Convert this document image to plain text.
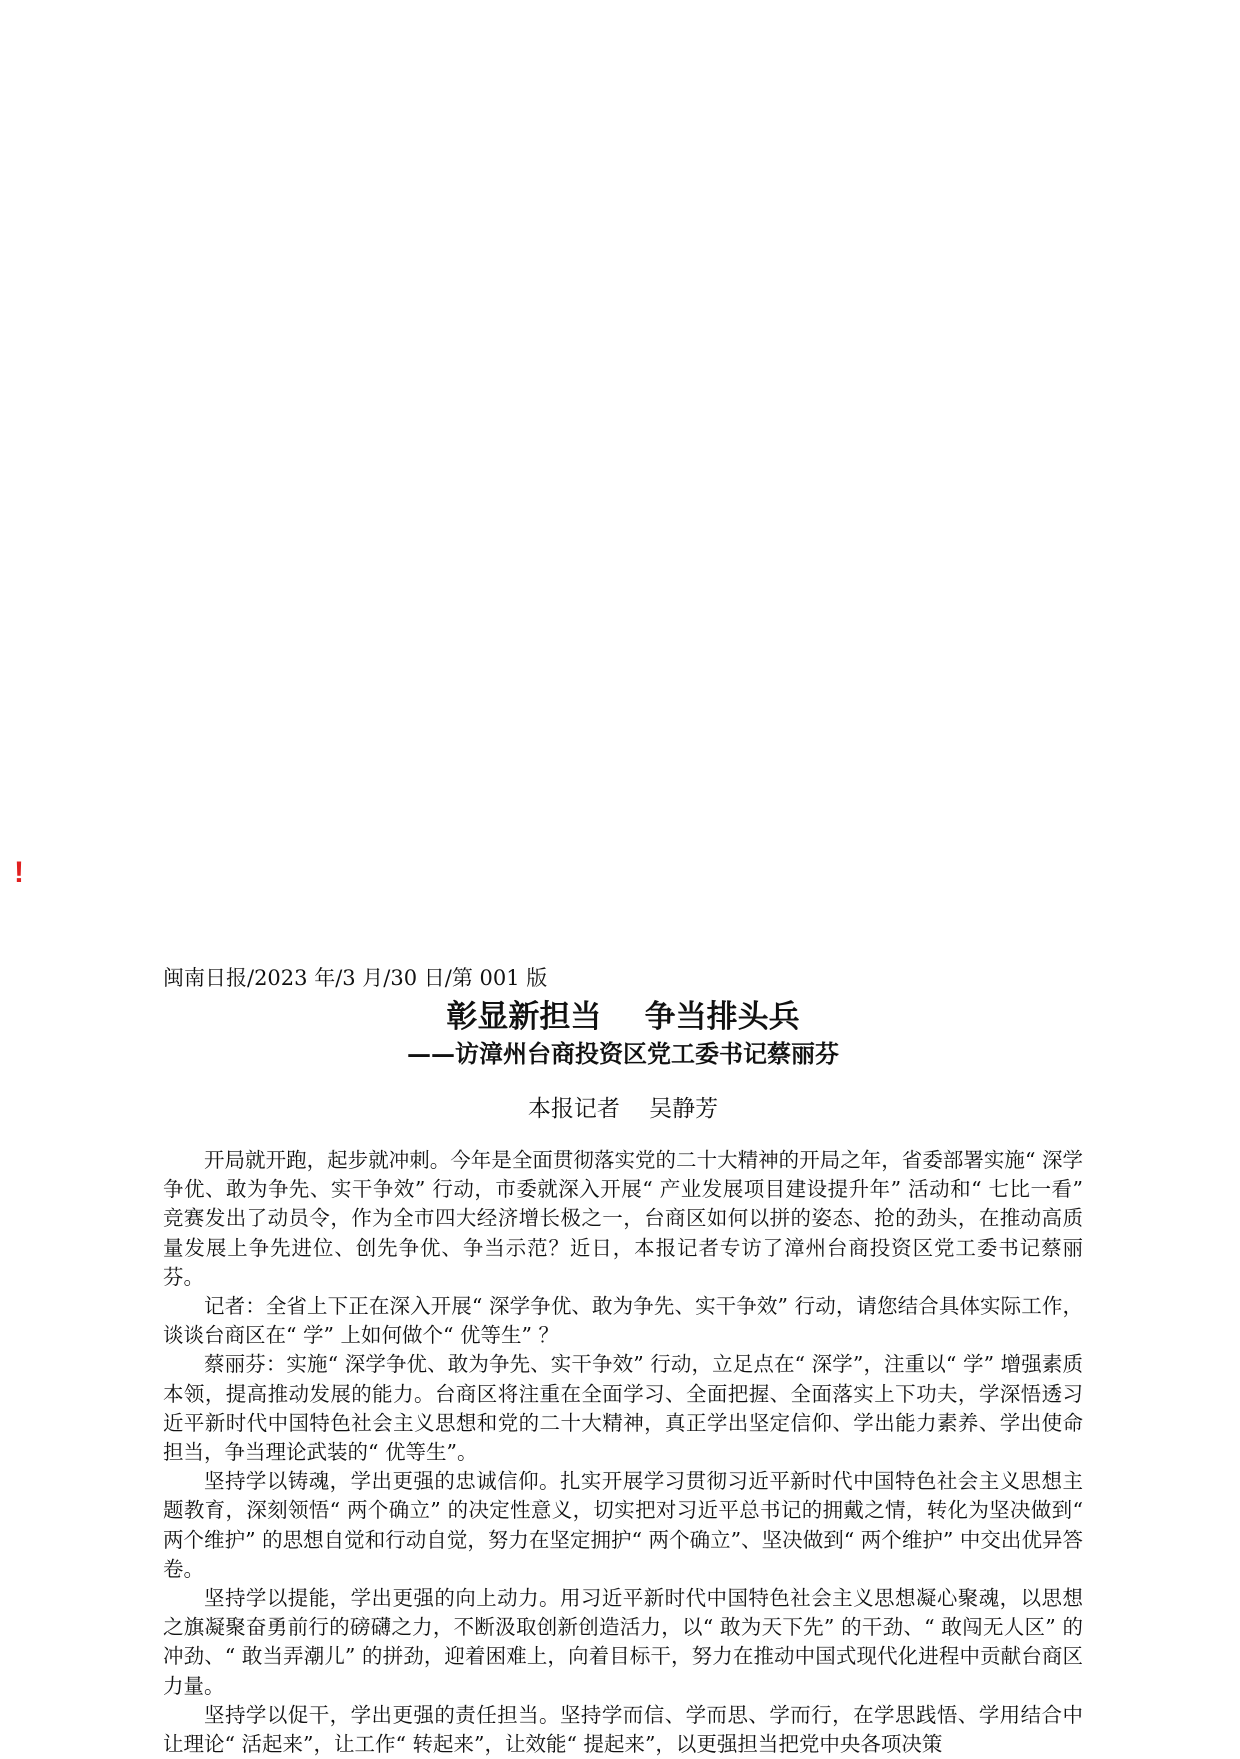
!

闽南日报/2023 年/3 月/30 日/第 001 版

彰显新担当    争当排头兵
——访漳州台商投资区党工委书记蔡丽芬

本报记者    吴静芳

开局就开跑，起步就冲刺。今年是全面贯彻落实党的二十大精神的开局之年，省委部署实施“ 深学争优、敢为争先、实干争效” 行动，市委就深入开展“ 产业发展项目建设提升年” 活动和“ 七比一看” 竞赛发出了动员令，作为全市四大经济增长极之一，台商区如何以拼的姿态、抢的劲头，在推动高质量发展上争先进位、创先争优、争当示范？近日，本报记者专访了漳州台商投资区党工委书记蔡丽芬。

记者：全省上下正在深入开展“ 深学争优、敢为争先、实干争效” 行动，请您结合具体实际工作，谈谈台商区在“ 学” 上如何做个“ 优等生” ？

蔡丽芬：实施“ 深学争优、敢为争先、实干争效” 行动，立足点在“ 深学”，注重以“ 学” 增强素质本领，提高推动发展的能力。台商区将注重在全面学习、全面把握、全面落实上下功夫，学深悟透习近平新时代中国特色社会主义思想和党的二十大精神，真正学出坚定信仰、学出能力素养、学出使命担当，争当理论武装的“ 优等生”。

坚持学以铸魂，学出更强的忠诚信仰。扎实开展学习贯彻习近平新时代中国特色社会主义思想主题教育，深刻领悟“ 两个确立” 的决定性意义，切实把对习近平总书记的拥戴之情，转化为坚决做到“ 两个维护” 的思想自觉和行动自觉，努力在坚定拥护“ 两个确立”、坚决做到“ 两个维护” 中交出优异答卷。

坚持学以提能，学出更强的向上动力。用习近平新时代中国特色社会主义思想凝心聚魂，以思想之旗凝聚奋勇前行的磅礴之力，不断汲取创新创造活力，以“ 敢为天下先” 的干劲、“ 敢闯无人区” 的冲劲、“ 敢当弄潮儿” 的拼劲，迎着困难上，向着目标干，努力在推动中国式现代化进程中贡献台商区力量。

坚持学以促干，学出更强的责任担当。坚持学而信、学而思、学而行，在学思践悟、学用结合中让理论“ 活起来”，让工作“ 转起来”，让效能“ 提起来”，以更强担当把党中央各项决策
